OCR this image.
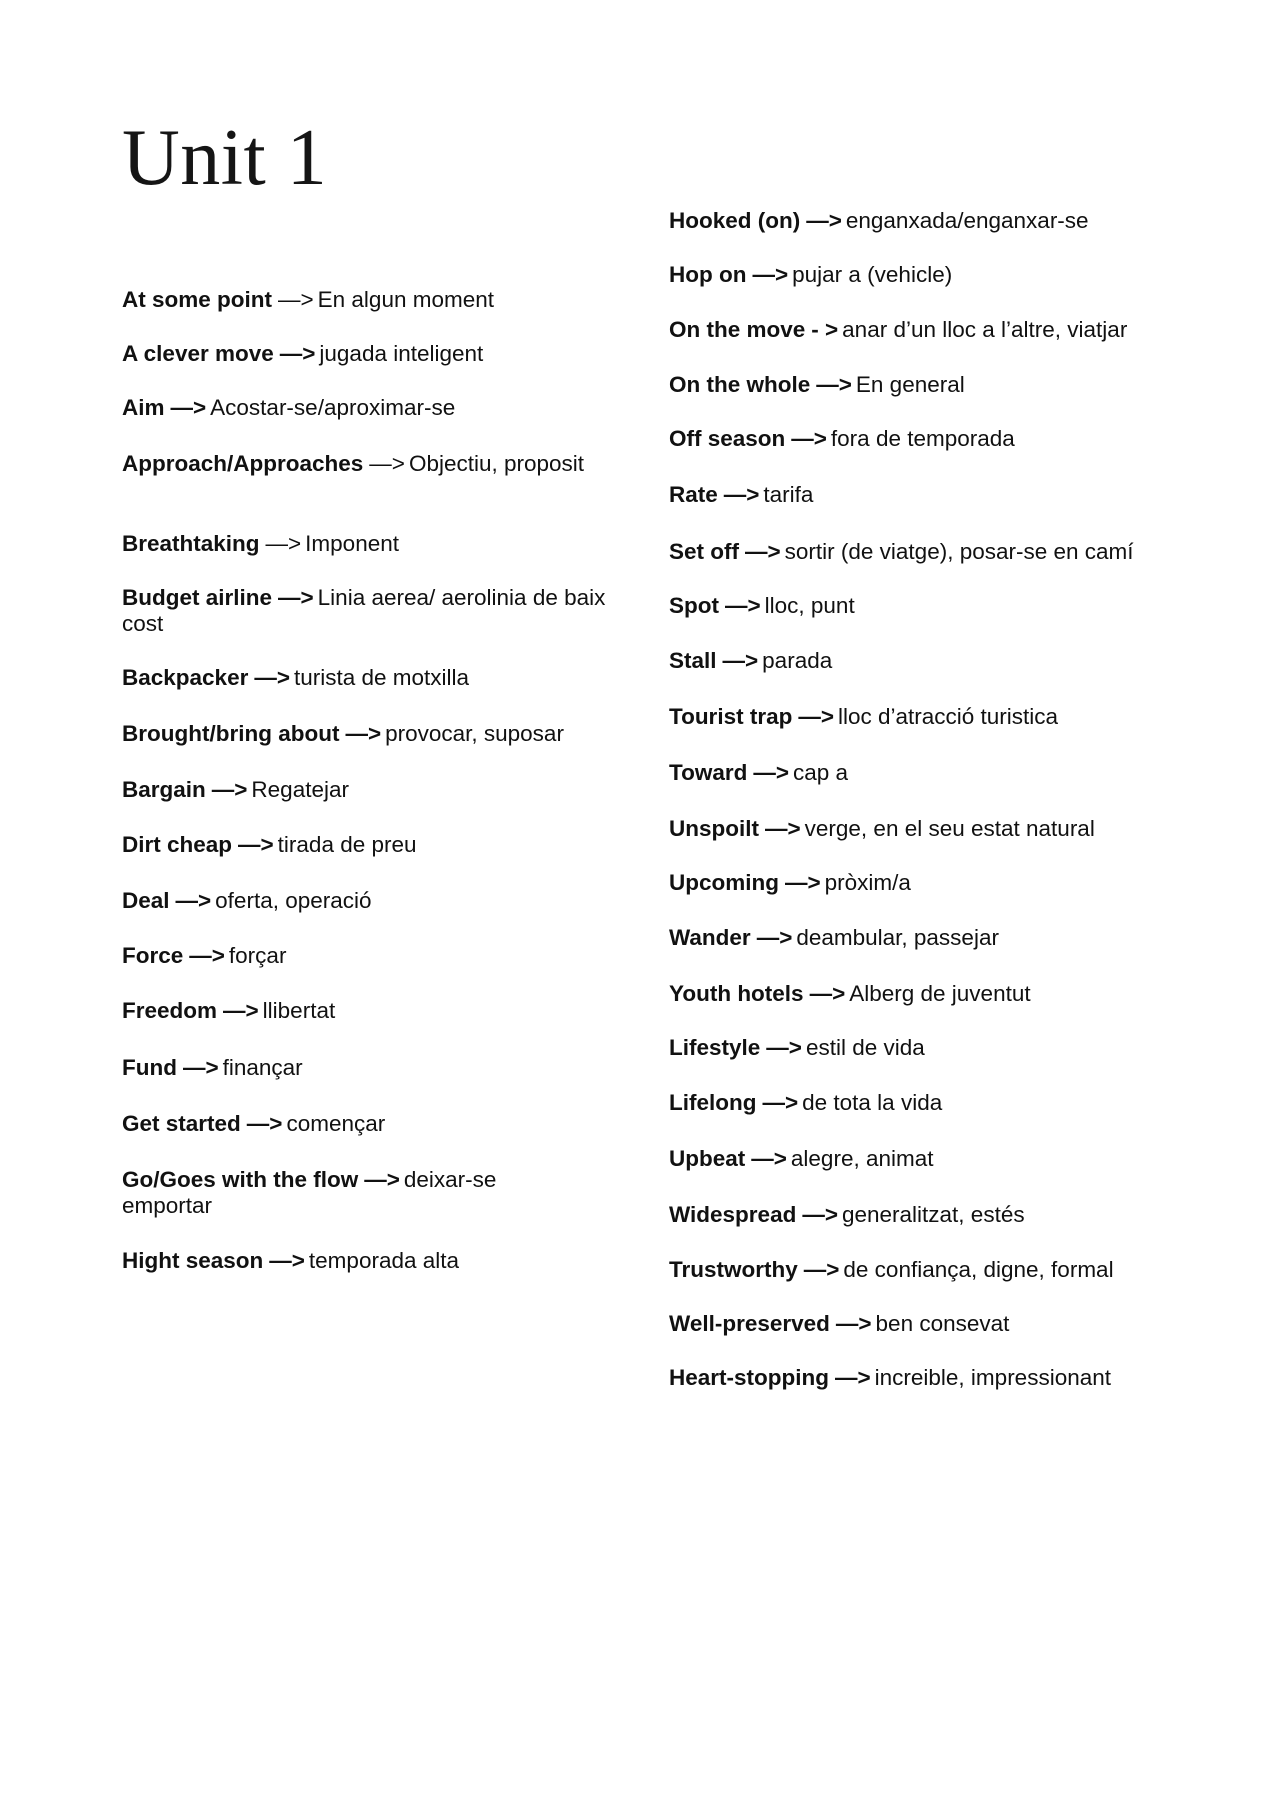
Unit 1
At some point —> En algun moment
A clever move —> jugada inteligent
Aim —> Acostar-se/aproximar-se
Approach/Approaches —> Objectiu, proposit
Breathtaking —> Imponent
Budget airline —> Linia aerea/ aerolinia de baix cost
Backpacker —> turista de motxilla
Brought/bring about —> provocar, suposar
Bargain —> Regatejar
Dirt cheap —> tirada de preu
Deal —> oferta, operació
Force —> forçar
Freedom —> llibertat
Fund —> finançar
Get started —> començar
Go/Goes with the flow —> deixar-se emportar
Hight season —> temporada alta
Hooked (on) —> enganxada/enganxar-se
Hop on —> pujar a (vehicle)
On the move - > anar d’un lloc a l’altre, viatjar
On the whole —> En general
Off season —> fora de temporada
Rate —> tarifa
Set off —> sortir (de viatge), posar-se en camí
Spot —> lloc, punt
Stall —> parada
Tourist trap —> lloc d’atracció turistica
Toward —> cap a
Unspoilt —> verge, en el seu estat natural
Upcoming —> pròxim/a
Wander —> deambular, passejar
Youth hotels —> Alberg de juventut
Lifestyle —> estil de vida
Lifelong —> de tota la vida
Upbeat —> alegre, animat
Widespread —> generalitzat, estés
Trustworthy —> de confiança, digne, formal
Well-preserved —> ben consevat
Heart-stopping —> increible, impressionant
